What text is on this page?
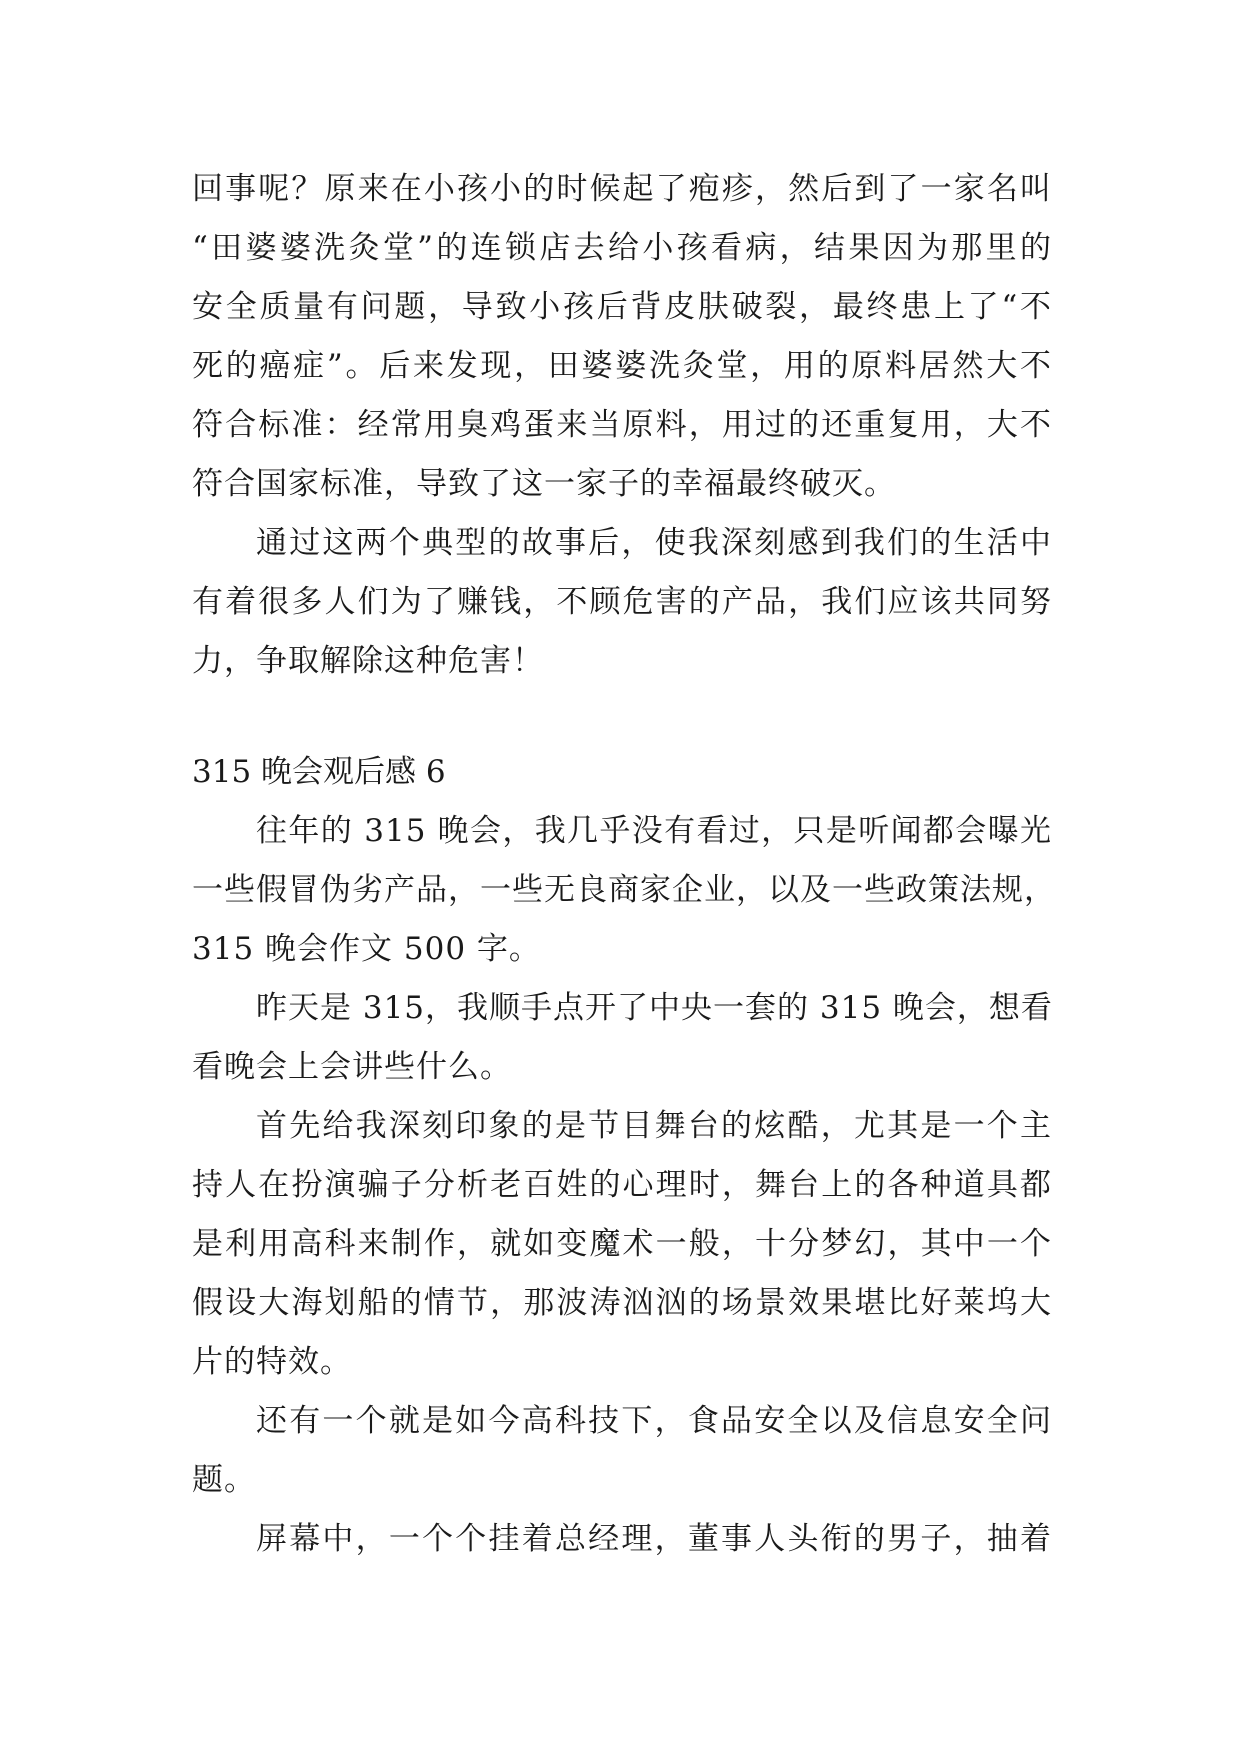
回事呢？原来在小孩小的时候起了疱疹，然后到了一家名叫
“田婆婆洗灸堂”的连锁店去给小孩看病，结果因为那里的
安全质量有问题，导致小孩后背皮肤破裂，最终患上了“不
死的癌症”。后来发现，田婆婆洗灸堂，用的原料居然大不
符合标准：经常用臭鸡蛋来当原料，用过的还重复用，大不
符合国家标准，导致了这一家子的幸福最终破灭。
通过这两个典型的故事后，使我深刻感到我们的生活中
有着很多人们为了赚钱，不顾危害的产品，我们应该共同努
力，争取解除这种危害！
315 晚会观后感 6
往年的 315 晚会，我几乎没有看过，只是听闻都会曝光
一些假冒伪劣产品，一些无良商家企业，以及一些政策法规，
315 晚会作文 500 字。
昨天是 315，我顺手点开了中央一套的 315 晚会，想看
看晚会上会讲些什么。
首先给我深刻印象的是节目舞台的炫酷，尤其是一个主
持人在扮演骗子分析老百姓的心理时，舞台上的各种道具都
是利用高科来制作，就如变魔术一般，十分梦幻，其中一个
假设大海划船的情节，那波涛汹汹的场景效果堪比好莱坞大
片的特效。
还有一个就是如今高科技下，食品安全以及信息安全问
题。
屏幕中，一个个挂着总经理，董事人头衔的男子，抽着
